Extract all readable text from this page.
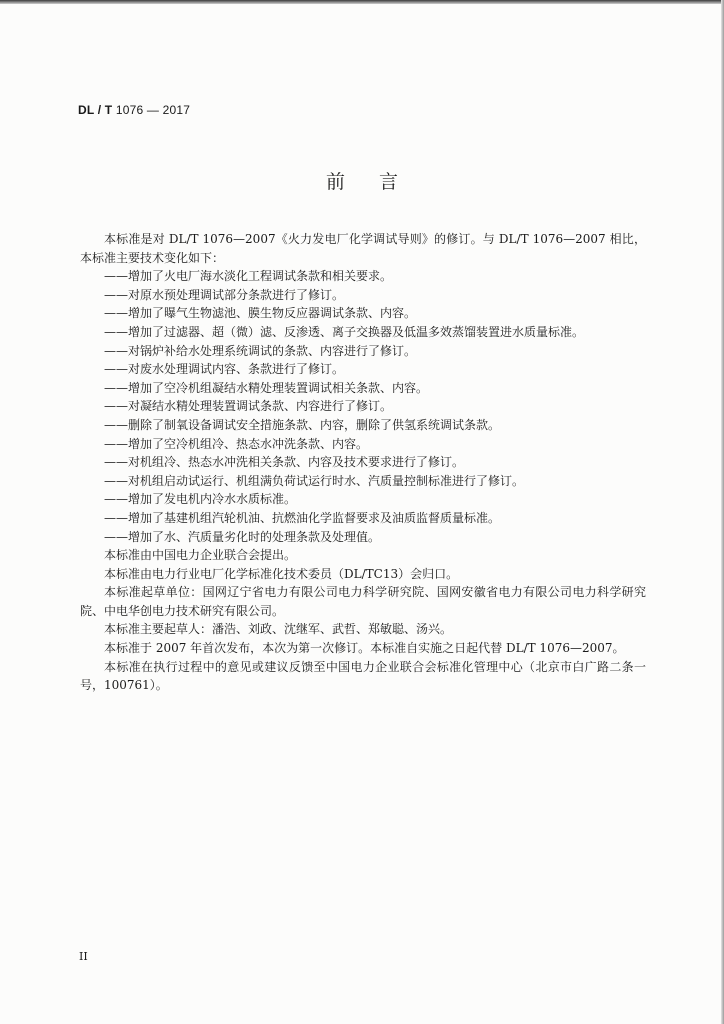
DL / T 1076 — 2017
前言

本标准是对 DL/T 1076—2007《火力发电厂化学调试导则》的修订。与 DL/T 1076—2007 相比，本标准主要技术变化如下：

——增加了火电厂海水淡化工程调试条款和相关要求。

——对原水预处理调试部分条款进行了修订。

——增加了曝气生物滤池、膜生物反应器调试条款、内容。

——增加了过滤器、超（微）滤、反渗透、离子交换器及低温多效蒸馏装置进水质量标准。

——对锅炉补给水处理系统调试的条款、内容进行了修订。

——对废水处理调试内容、条款进行了修订。

——增加了空冷机组凝结水精处理装置调试相关条款、内容。

——对凝结水精处理装置调试条款、内容进行了修订。

——删除了制氧设备调试安全措施条款、内容，删除了供氢系统调试条款。

——增加了空冷机组冷、热态水冲洗条款、内容。

——对机组冷、热态水冲洗相关条款、内容及技术要求进行了修订。

——对机组启动试运行、机组满负荷试运行时水、汽质量控制标准进行了修订。

——增加了发电机内冷水水质标准。

——增加了基建机组汽轮机油、抗燃油化学监督要求及油质监督质量标准。

——增加了水、汽质量劣化时的处理条款及处理值。

本标准由中国电力企业联合会提出。

本标准由电力行业电厂化学标准化技术委员（DL/TC13）会归口。

本标准起草单位：国网辽宁省电力有限公司电力科学研究院、国网安徽省电力有限公司电力科学研究院、中电华创电力技术研究有限公司。

本标准主要起草人：潘浩、刘政、沈继军、武哲、郑敏聪、汤兴。

本标准于 2007 年首次发布，本次为第一次修订。本标准自实施之日起代替 DL/T 1076—2007。

本标准在执行过程中的意见或建议反馈至中国电力企业联合会标准化管理中心（北京市白广路二条一号，100761）。

II
